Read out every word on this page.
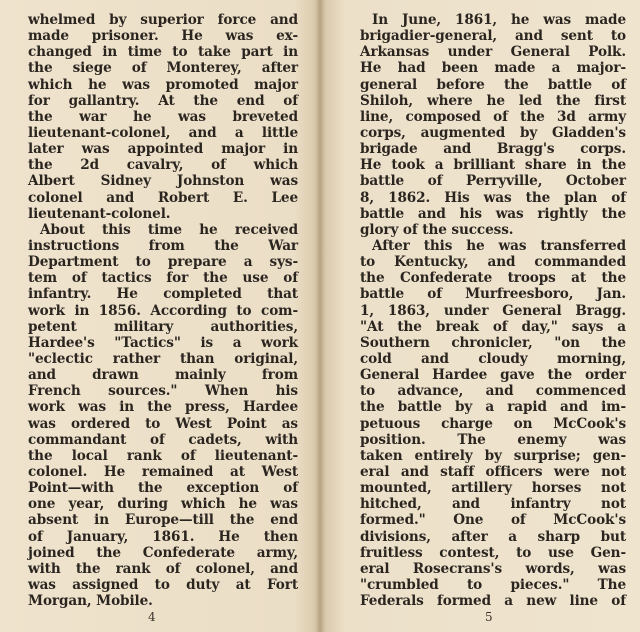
whelmed by superior force and
made prisoner. He was ex-
changed in time to take part in
the siege of Monterey, after
which he was promoted major
for gallantry. At the end of
the war he was breveted
lieutenant-colonel, and a little
later was appointed major in
the 2d cavalry, of which
Albert Sidney Johnston was
colonel and Robert E. Lee
lieutenant-colonel.
About this time he received
instructions from the War
Department to prepare a sys-
tem of tactics for the use of
infantry. He completed that
work in 1856. According to com-
petent military authorities,
Hardee's "Tactics" is a work
"eclectic rather than original,
and drawn mainly from
French sources." When his
work was in the press, Hardee
was ordered to West Point as
commandant of cadets, with
the local rank of lieutenant-
colonel. He remained at West
Point—with the exception of
one year, during which he was
absent in Europe—till the end
of January, 1861. He then
joined the Confederate army,
with the rank of colonel, and
was assigned to duty at Fort
Morgan, Mobile.
4
In June, 1861, he was made
brigadier-general, and sent to
Arkansas under General Polk.
He had been made a major-
general before the battle of
Shiloh, where he led the first
line, composed of the 3d army
corps, augmented by Gladden's
brigade and Bragg's corps.
He took a brilliant share in the
battle of Perryville, October
8, 1862. His was the plan of
battle and his was rightly the
glory of the success.
After this he was transferred
to Kentucky, and commanded
the Confederate troops at the
battle of Murfreesboro, Jan.
1, 1863, under General Bragg.
"At the break of day," says a
Southern chronicler, "on the
cold and cloudy morning,
General Hardee gave the order
to advance, and commenced
the battle by a rapid and im-
petuous charge on McCook's
position. The enemy was
taken entirely by surprise; gen-
eral and staff officers were not
mounted, artillery horses not
hitched, and infantry not
formed." One of McCook's
divisions, after a sharp but
fruitless contest, to use Gen-
eral Rosecrans's words, was
"crumbled to pieces." The
Federals formed a new line of
5
